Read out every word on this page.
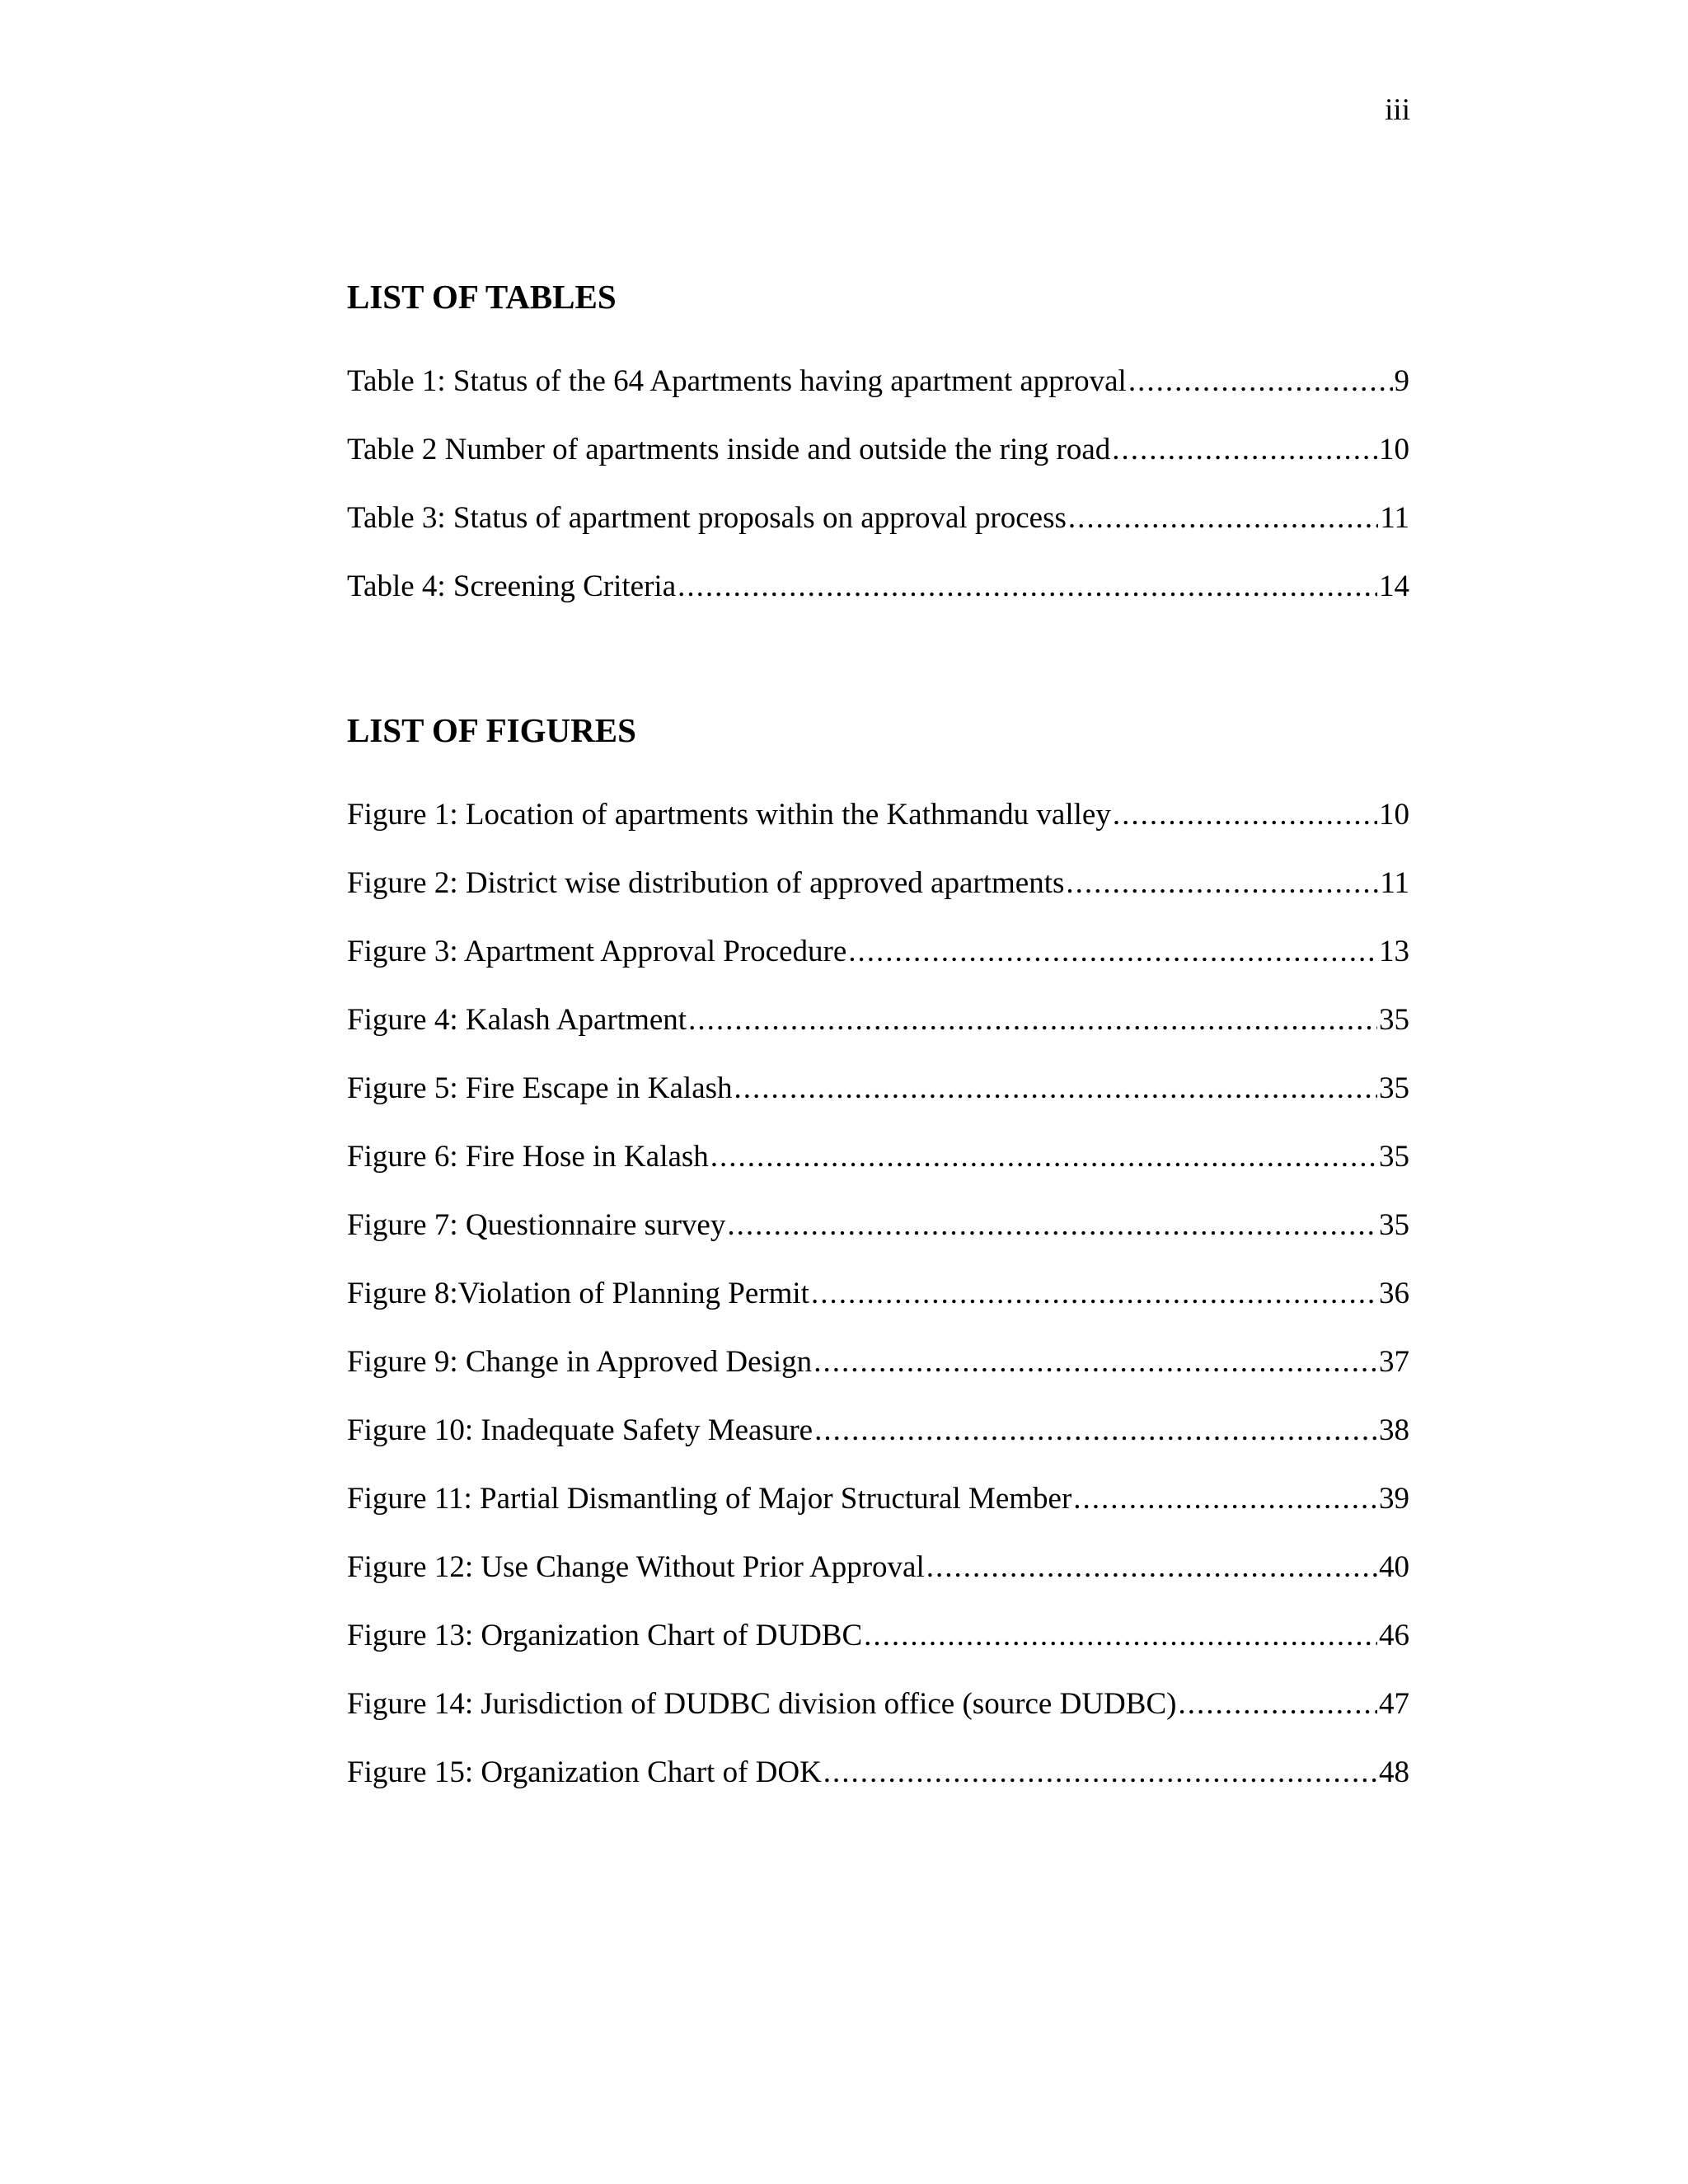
iii
LIST OF TABLES
Table 1: Status of the 64 Apartments having apartment approval .....	9
Table 2 Number of apartments inside and outside the ring road .....	10
Table 3: Status of apartment proposals on approval process .....	11
Table 4: Screening Criteria .....	14
LIST OF FIGURES
Figure 1: Location of apartments within the Kathmandu valley .....	10
Figure 2: District wise distribution of approved apartments .....	11
Figure 3: Apartment Approval Procedure .....	13
Figure 4: Kalash Apartment .....	35
Figure 5: Fire Escape in Kalash .....	35
Figure 6: Fire Hose in Kalash .....	35
Figure 7: Questionnaire survey .....	35
Figure 8:Violation of Planning Permit .....	36
Figure 9: Change in Approved Design .....	37
Figure 10: Inadequate Safety Measure .....	38
Figure 11: Partial Dismantling of Major Structural Member .....	39
Figure 12: Use Change Without Prior Approval .....	40
Figure 13: Organization Chart of DUDBC .....	46
Figure 14: Jurisdiction of DUDBC division office (source DUDBC) .....	47
Figure 15: Organization Chart of DOK .....	48
